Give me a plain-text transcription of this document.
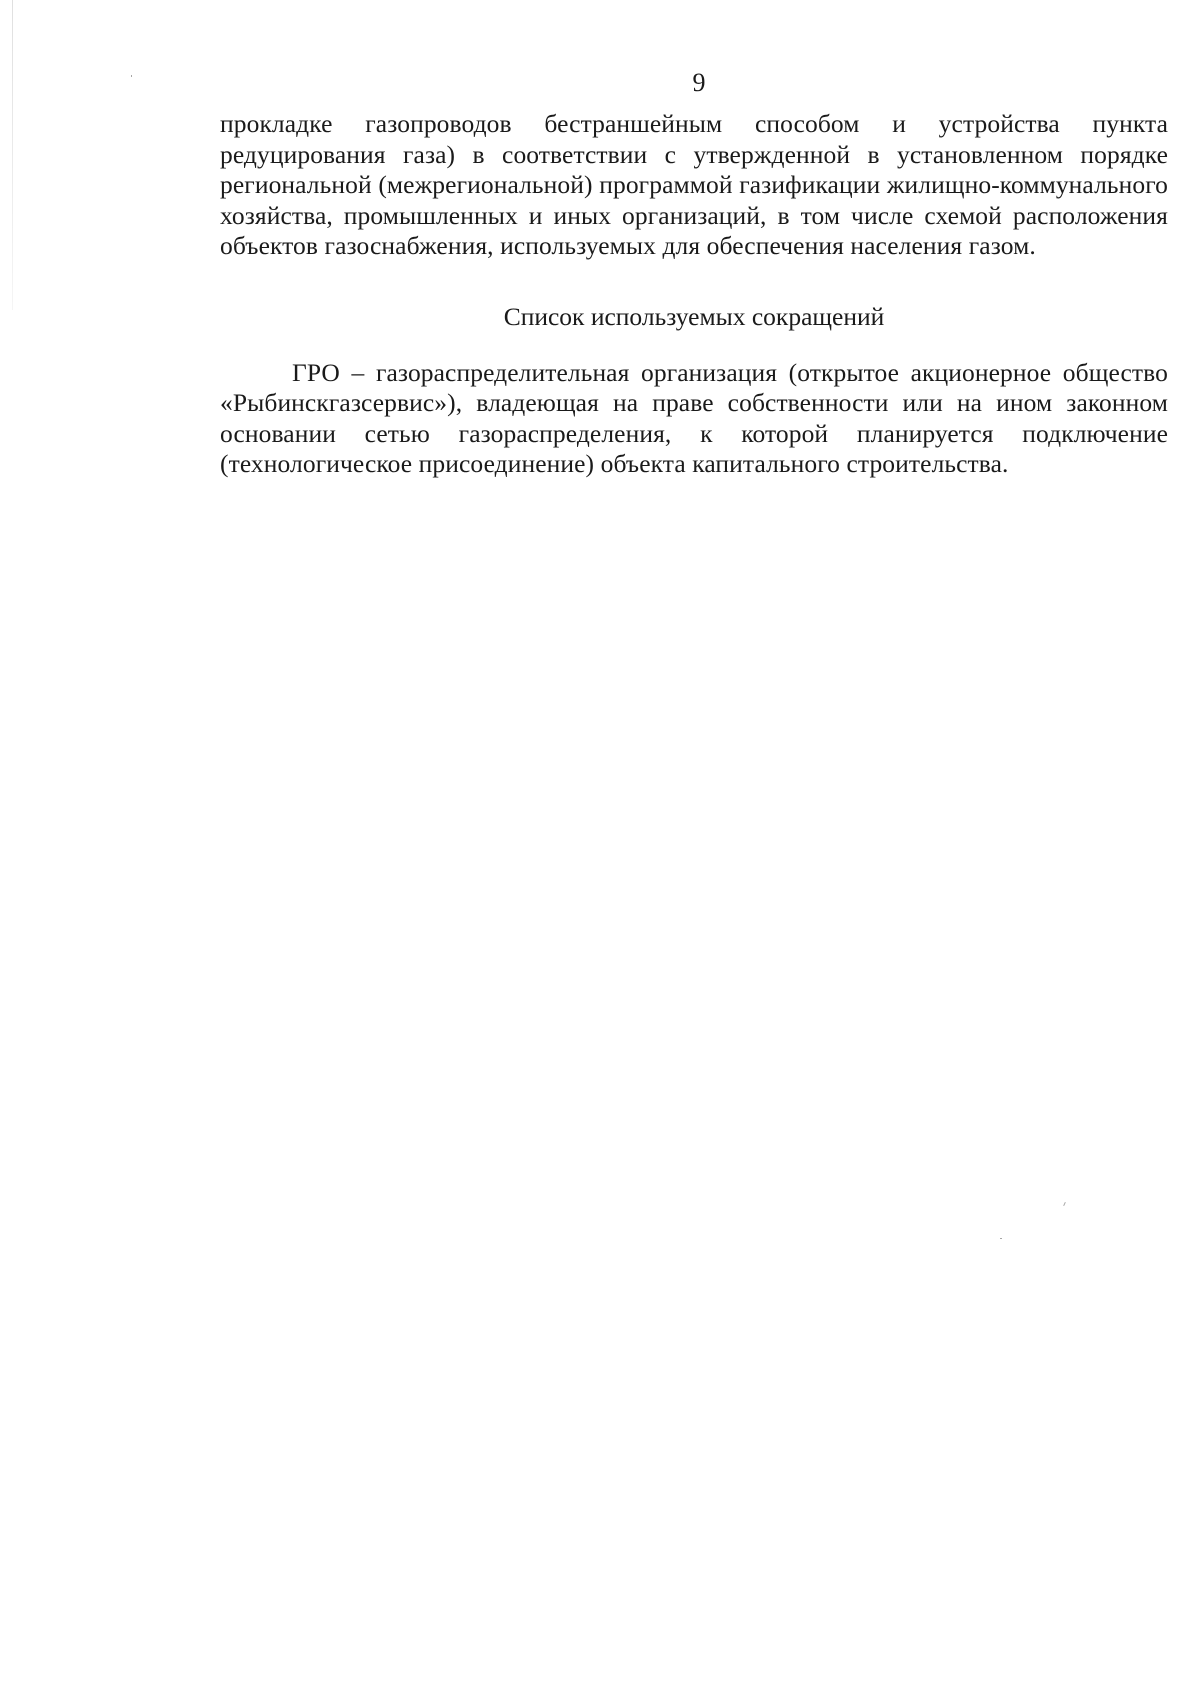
9

прокладке газопроводов бестраншейным способом и устройства пункта редуцирования газа) в соответствии с утвержденной в установленном порядке региональной (межрегиональной) программой газификации жилищно-коммунального хозяйства, промышленных и иных организаций, в том числе схемой расположения объектов газоснабжения, используемых для обеспечения населения газом.

Список используемых сокращений

ГРО – газораспределительная организация (открытое акционерное общество «Рыбинскгазсервис»), владеющая на праве собственности или на ином законном основании сетью газораспределения, к которой планируется подключение (технологическое присоединение) объекта капитального строительства.
